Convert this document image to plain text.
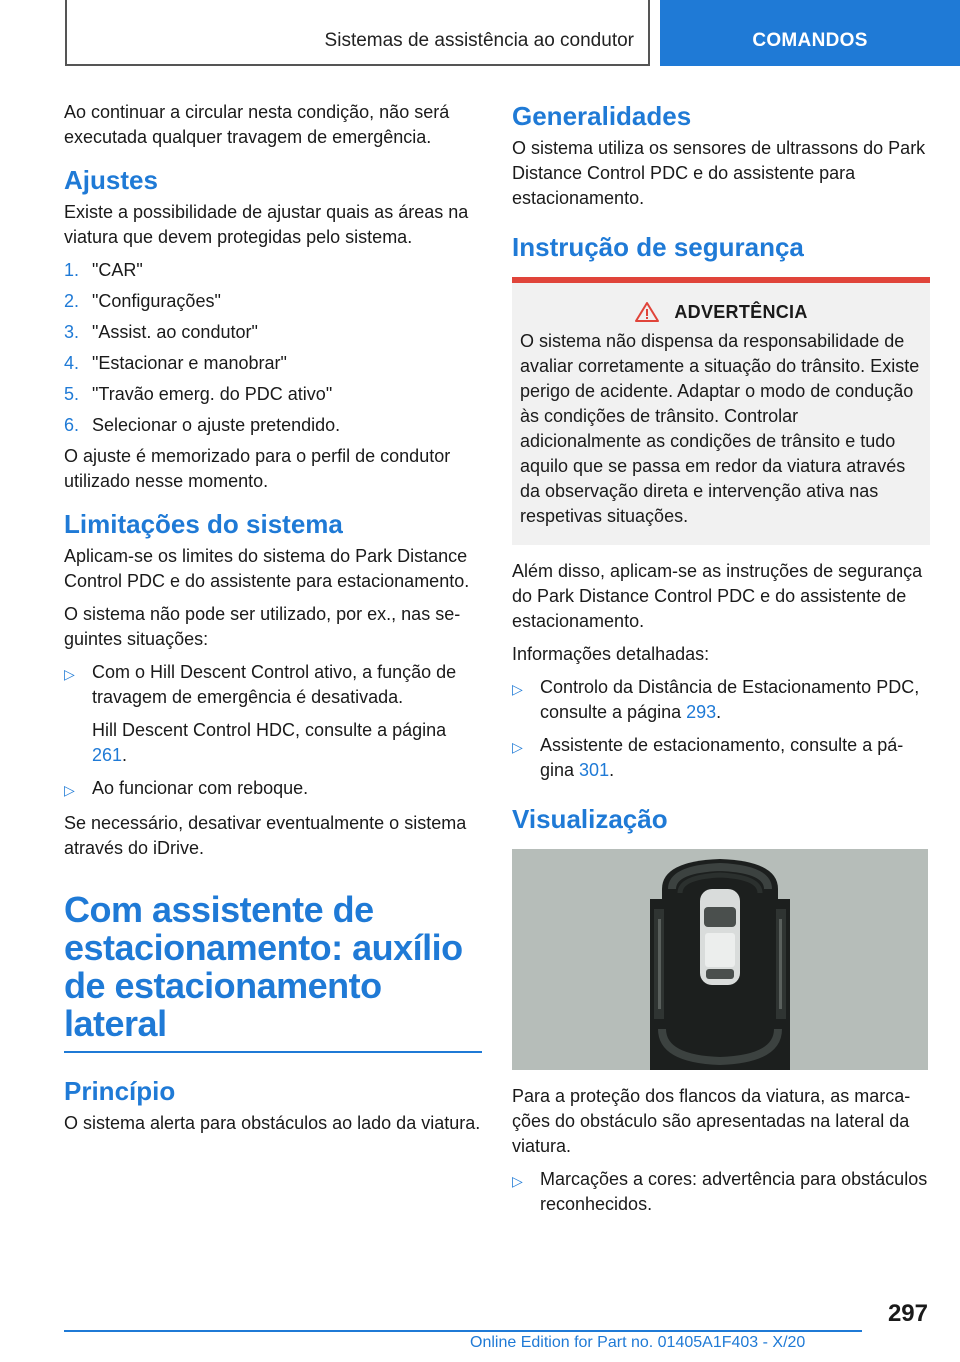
Sistemas de assistência ao condutor	COMANDOS

Ao continuar a circular nesta condição, não será executada qualquer travagem de emergência.

Ajustes

Existe a possibilidade de ajustar quais as áreas na viatura que devem protegidas pelo sistema.

1. "CAR"
2. "Configurações"
3. "Assist. ao condutor"
4. "Estacionar e manobrar"
5. "Travão emerg. do PDC ativo"
6. Selecionar o ajuste pretendido.

O ajuste é memorizado para o perfil de condutor utilizado nesse momento.

Limitações do sistema

Aplicam-se os limites do sistema do Park Distance Control PDC e do assistente para estacionamento.

O sistema não pode ser utilizado, por ex., nas seguintes situações:

▷ Com o Hill Descent Control ativo, a função de travagem de emergência é desativada.

Hill Descent Control HDC, consulte a página 261.

▷ Ao funcionar com reboque.

Se necessário, desativar eventualmente o sistema através do iDrive.

Com assistente de estacionamento: auxílio de estacionamento lateral
Princípio

O sistema alerta para obstáculos ao lado da viatura.

Generalidades

O sistema utiliza os sensores de ultrassons do Park Distance Control PDC e do assistente para estacionamento.

Instrução de segurança
ADVERTÊNCIA

O sistema não dispensa da responsabilidade de avaliar corretamente a situação do trânsito. Existe perigo de acidente. Adaptar o modo de condução às condições de trânsito. Controlar adicionalmente as condições de trânsito e tudo aquilo que se passa em redor da viatura através da observação direta e intervenção ativa nas respetivas situações.

Além disso, aplicam-se as instruções de segurança do Park Distance Control PDC e do assistente de estacionamento.

Informações detalhadas:

▷ Controlo da Distância de Estacionamento PDC, consulte a página 293.

▷ Assistente de estacionamento, consulte a página 301.

Visualização

Para a proteção dos flancos da viatura, as marcações do obstáculo são apresentadas na lateral da viatura.

▷ Marcações a cores: advertência para obstáculos reconhecidos.

297
Online Edition for Part no. 01405A1F403 - X/20
